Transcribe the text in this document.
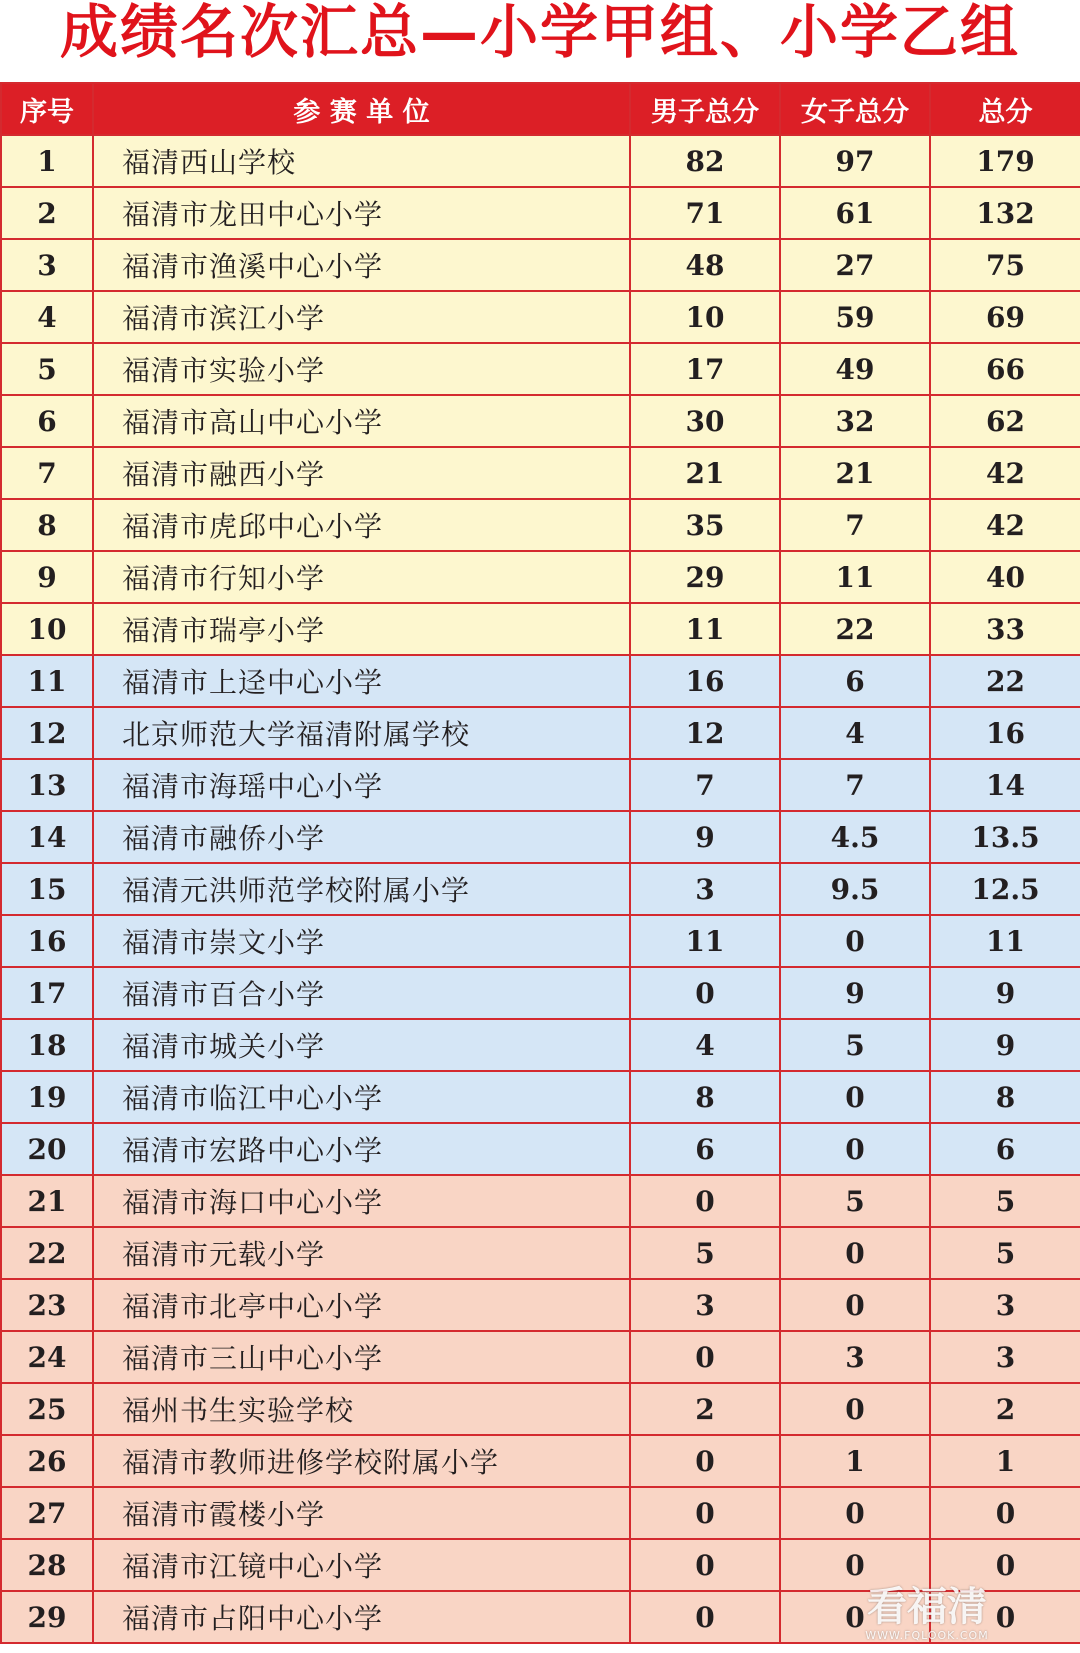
成绩名次汇总—小学甲组、小学乙组
序号	参 赛 单 位	男子总分	女子总分	总分
1	福清西山学校	82	97	179
2	福清市龙田中心小学	71	61	132
3	福清市渔溪中心小学	48	27	75
4	福清市滨江小学	10	59	69
5	福清市实验小学	17	49	66
6	福清市高山中心小学	30	32	62
7	福清市融西小学	21	21	42
8	福清市虎邱中心小学	35	7	42
9	福清市行知小学	29	11	40
10	福清市瑞亭小学	11	22	33
11	福清市上迳中心小学	16	6	22
12	北京师范大学福清附属学校	12	4	16
13	福清市海瑶中心小学	7	7	14
14	福清市融侨小学	9	4.5	13.5
15	福清元洪师范学校附属小学	3	9.5	12.5
16	福清市崇文小学	11	0	11
17	福清市百合小学	0	9	9
18	福清市城关小学	4	5	9
19	福清市临江中心小学	8	0	8
20	福清市宏路中心小学	6	0	6
21	福清市海口中心小学	0	5	5
22	福清市元载小学	5	0	5
23	福清市北亭中心小学	3	0	3
24	福清市三山中心小学	0	3	3
25	福州书生实验学校	2	0	2
26	福清市教师进修学校附属小学	0	1	1
27	福清市霞楼小学	0	0	0
28	福清市江镜中心小学	0	0	0
29	福清市占阳中心小学	0	0	0
看福清
WWW.FQLOOK.COM
